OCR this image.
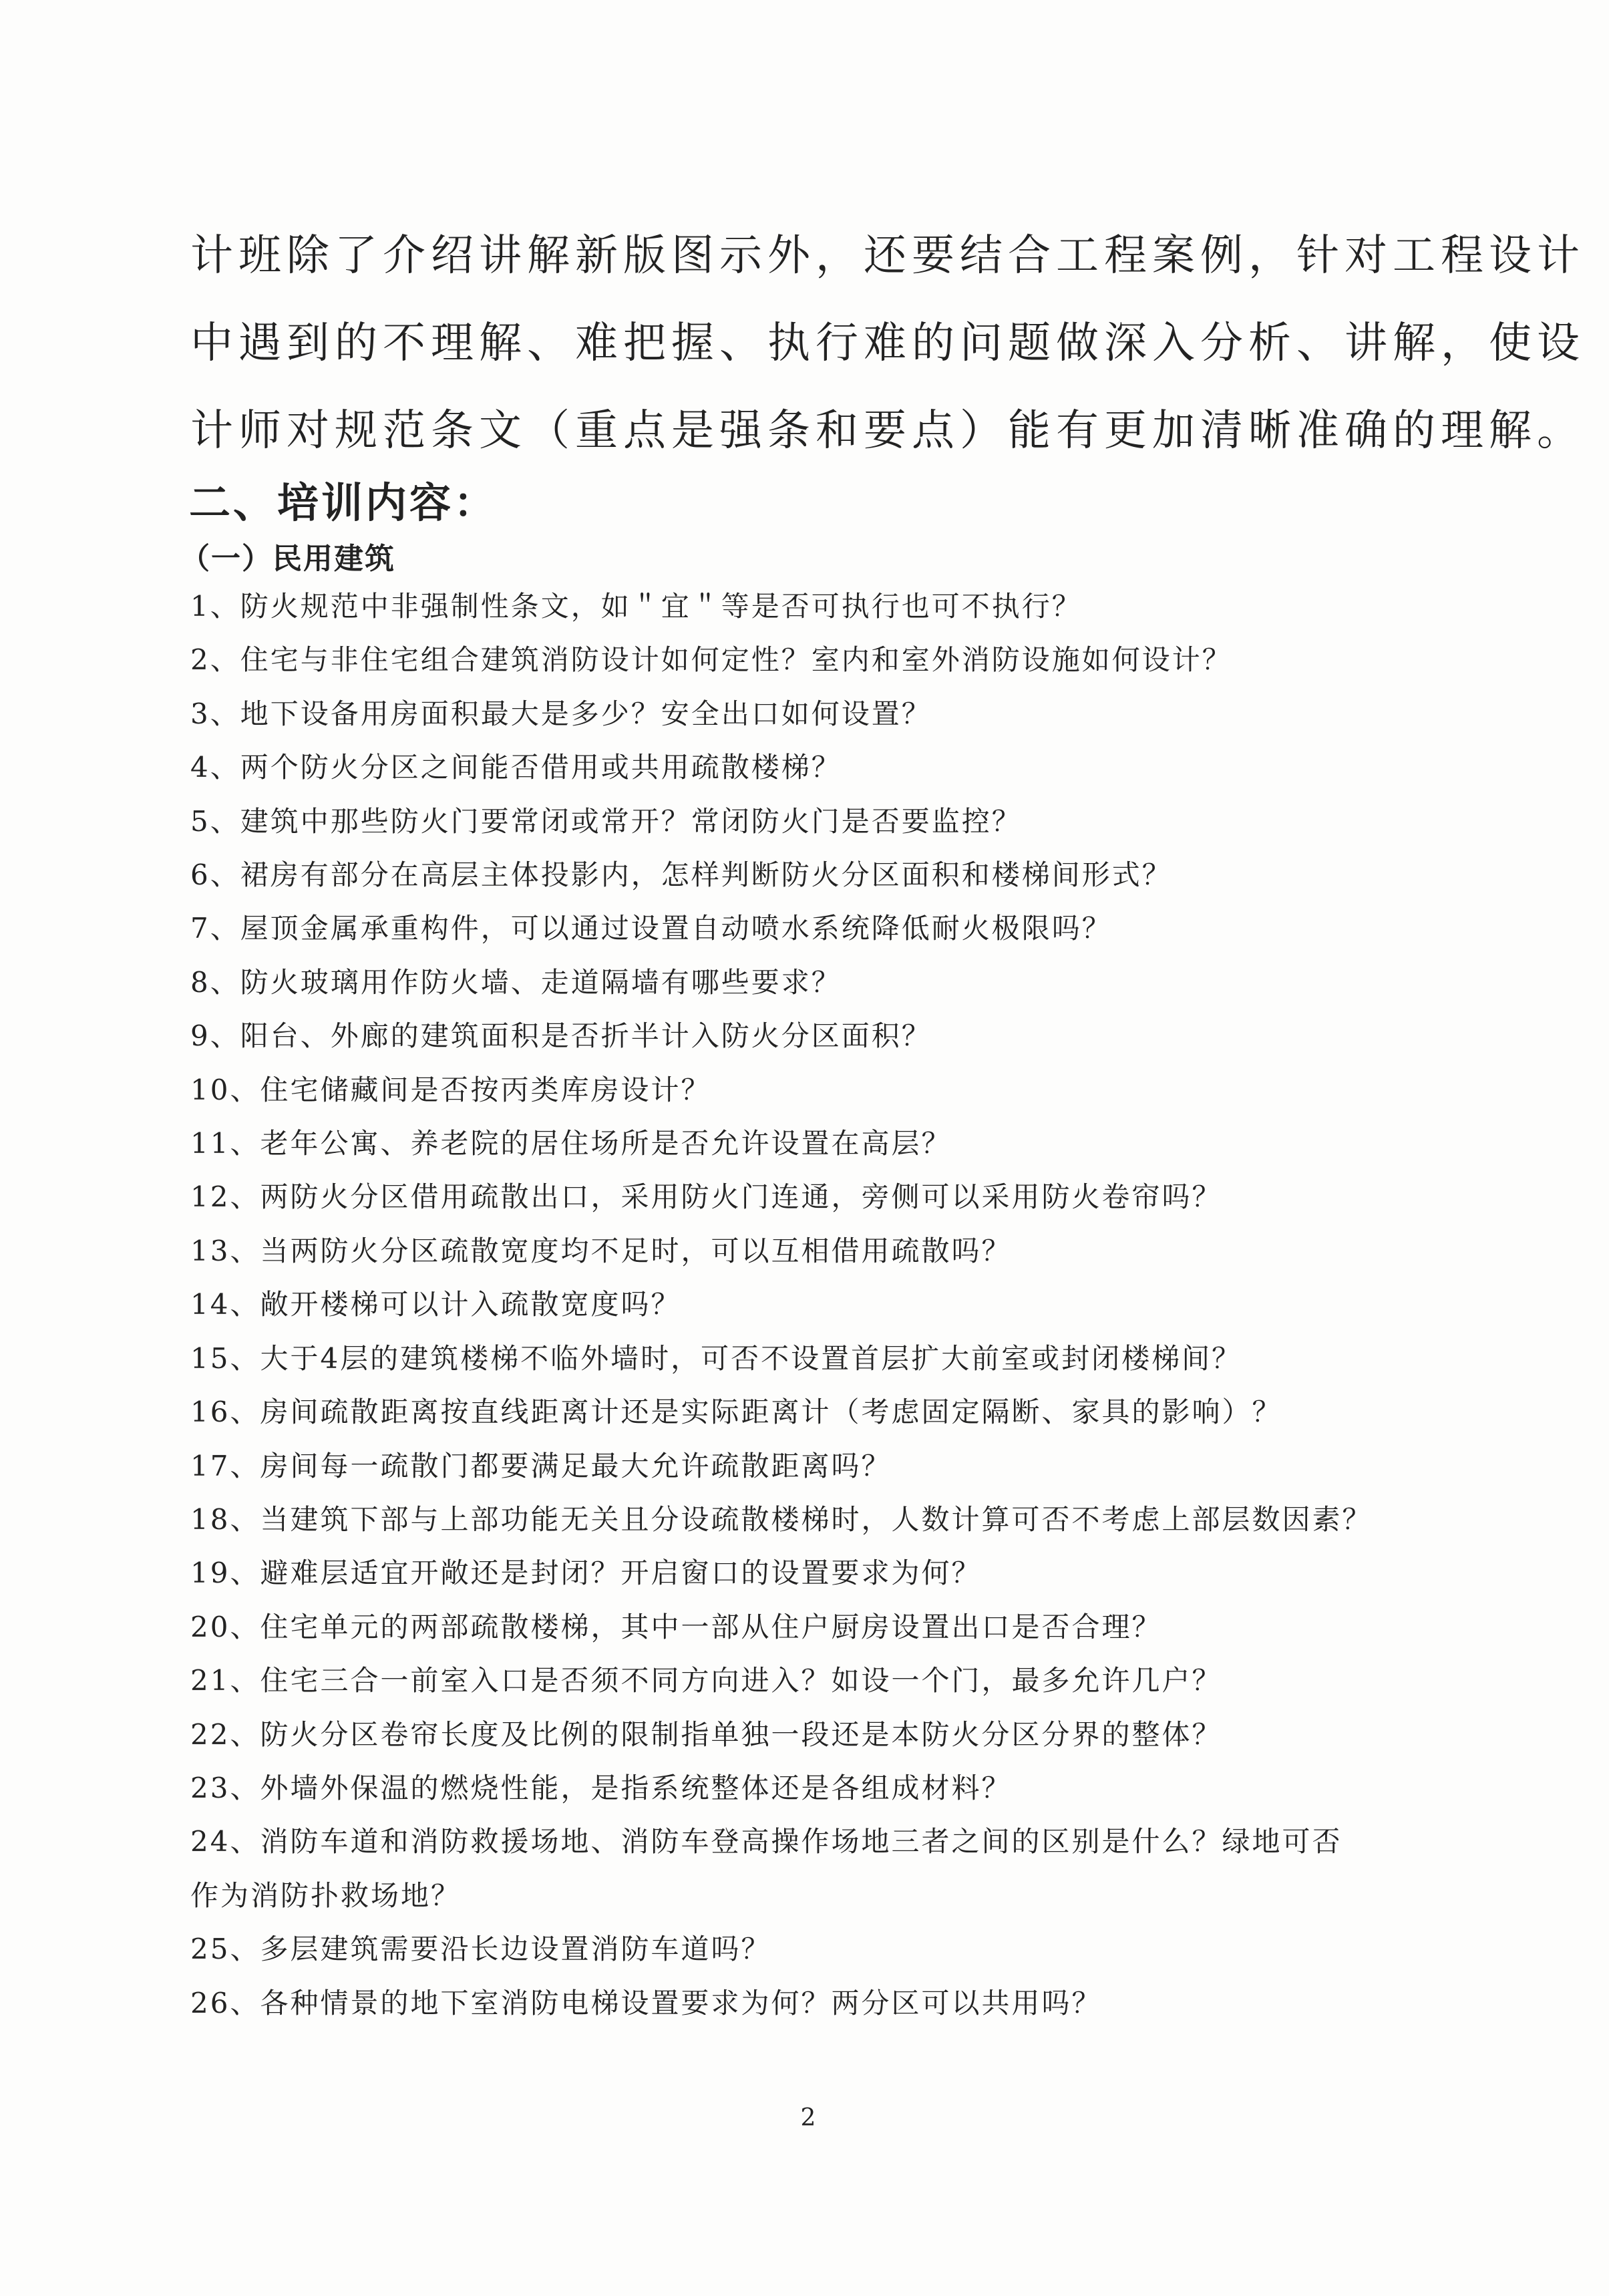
计班除了介绍讲解新版图示外，还要结合工程案例，针对工程设计
中遇到的不理解、难把握、执行难的问题做深入分析、讲解，使设
计师对规范条文（重点是强条和要点）能有更加清晰准确的理解。

二、培训内容：
（一）民用建筑
1、防火规范中非强制性条文，如＂宜＂等是否可执行也可不执行？
2、住宅与非住宅组合建筑消防设计如何定性？室内和室外消防设施如何设计？
3、地下设备用房面积最大是多少？安全出口如何设置？
4、两个防火分区之间能否借用或共用疏散楼梯？
5、建筑中那些防火门要常闭或常开？常闭防火门是否要监控？
6、裙房有部分在高层主体投影内，怎样判断防火分区面积和楼梯间形式？
7、屋顶金属承重构件，可以通过设置自动喷水系统降低耐火极限吗？
8、防火玻璃用作防火墙、走道隔墙有哪些要求？
9、阳台、外廊的建筑面积是否折半计入防火分区面积？
10、住宅储藏间是否按丙类库房设计？
11、老年公寓、养老院的居住场所是否允许设置在高层？
12、两防火分区借用疏散出口，采用防火门连通，旁侧可以采用防火卷帘吗？
13、当两防火分区疏散宽度均不足时，可以互相借用疏散吗？
14、敞开楼梯可以计入疏散宽度吗？
15、大于4层的建筑楼梯不临外墙时，可否不设置首层扩大前室或封闭楼梯间？
16、房间疏散距离按直线距离计还是实际距离计（考虑固定隔断、家具的影响）？
17、房间每一疏散门都要满足最大允许疏散距离吗？
18、当建筑下部与上部功能无关且分设疏散楼梯时，人数计算可否不考虑上部层数因素？
19、避难层适宜开敞还是封闭？开启窗口的设置要求为何？
20、住宅单元的两部疏散楼梯，其中一部从住户厨房设置出口是否合理？
21、住宅三合一前室入口是否须不同方向进入？如设一个门，最多允许几户？
22、防火分区卷帘长度及比例的限制指单独一段还是本防火分区分界的整体？
23、外墙外保温的燃烧性能，是指系统整体还是各组成材料？
24、消防车道和消防救援场地、消防车登高操作场地三者之间的区别是什么？绿地可否
作为消防扑救场地？
25、多层建筑需要沿长边设置消防车道吗？
26、各种情景的地下室消防电梯设置要求为何？两分区可以共用吗？

2
